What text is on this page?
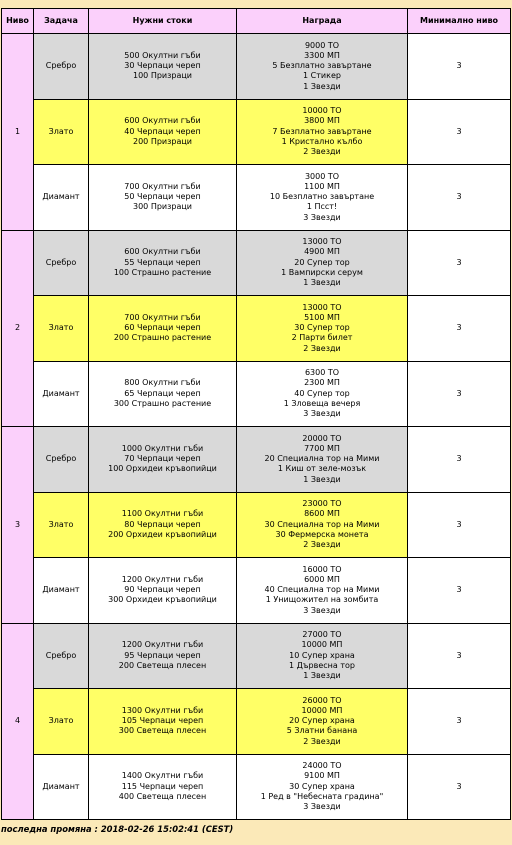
Ниво	Задача	Нужни стоки	Награда	Минимално ниво
1	Сребро	500 Окултни гъби
30 Черпаци череп
100 Призраци	9000 ТО
3300 МП
5 Безплатно завъртане
1 Стикер
1 Звезди	3
	Злато	600 Окултни гъби
40 Черпаци череп
200 Призраци	10000 ТО
3800 МП
7 Безплатно завъртане
1 Кристално кълбо
2 Звезди	3
	Диамант	700 Окултни гъби
50 Черпаци череп
300 Призраци	3000 ТО
1100 МП
10 Безплатно завъртане
1 Псст!
3 Звезди	3
2	Сребро	600 Окултни гъби
55 Черпаци череп
100 Страшно растение	13000 ТО
4900 МП
20 Супер тор
1 Вампирски серум
1 Звезди	3
	Злато	700 Окултни гъби
60 Черпаци череп
200 Страшно растение	13000 ТО
5100 МП
30 Супер тор
2 Парти билет
2 Звезди	3
	Диамант	800 Окултни гъби
65 Черпаци череп
300 Страшно растение	6300 ТО
2300 МП
40 Супер тор
1 Зловеща вечеря
3 Звезди	3
3	Сребро	1000 Окултни гъби
70 Черпаци череп
100 Орхидеи кръвопийци	20000 ТО
7700 МП
20 Специална тор на Мими
1 Киш от зеле-мозък
1 Звезди	3
	Злато	1100 Окултни гъби
80 Черпаци череп
200 Орхидеи кръвопийци	23000 ТО
8600 МП
30 Специална тор на Мими
30 Фермерска монета
2 Звезди	3
	Диамант	1200 Окултни гъби
90 Черпаци череп
300 Орхидеи кръвопийци	16000 ТО
6000 МП
40 Специална тор на Мими
1 Унищожител на зомбита
3 Звезди	3
4	Сребро	1200 Окултни гъби
95 Черпаци череп
200 Светеща плесен	27000 ТО
10000 МП
10 Супер храна
1 Дървесна тор
1 Звезди	3
	Злато	1300 Окултни гъби
105 Черпаци череп
300 Светеща плесен	26000 ТО
10000 МП
20 Супер храна
5 Златни банана
2 Звезди	3
	Диамант	1400 Окултни гъби
115 Черпаци череп
400 Светеща плесен	24000 ТО
9100 МП
30 Супер храна
1 Ред в "Небесната градина"
3 Звезди	3
последна промяна : 2018-02-26 15:02:41 (CEST)
